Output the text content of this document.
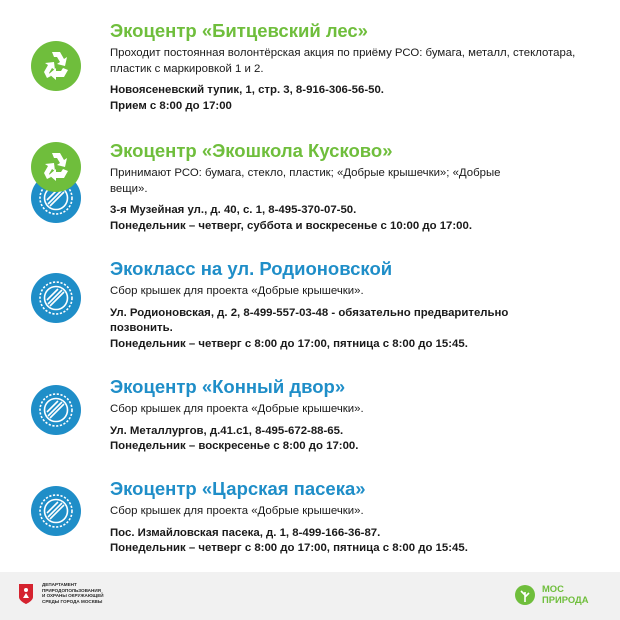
Экоцентр «Битцевский лес»
Проходит постоянная волонтёрская акция по приёму РСО: бумага, металл, стеклотара, пластик с маркировкой 1 и 2.
Новоясеневский тупик, 1, стр. 3, 8-916-306-56-50.
Прием с 8:00 до 17:00
Экоцентр «Экошкола Кусково»
Принимают РСО: бумага, стекло, пластик; «Добрые крышечки»; «Добрые вещи».
3-я Музейная ул., д. 40, с. 1, 8-495-370-07-50.
Понедельник – четверг, суббота и воскресенье с 10:00 до 17:00.
Экокласс на ул. Родионовской
Сбор крышек для проекта «Добрые крышечки».
Ул. Родионовская, д. 2, 8-499-557-03-48 - обязательно предварительно позвонить.
Понедельник – четверг с 8:00 до 17:00, пятница с 8:00 до 15:45.
Экоцентр «Конный двор»
Сбор крышек для проекта «Добрые крышечки».
Ул. Металлургов, д.41.с1, 8-495-672-88-65.
Понедельник – воскресенье с 8:00 до 17:00.
Экоцентр «Царская пасека»
Сбор крышек для проекта «Добрые крышечки».
Пос. Измайловская пасека, д. 1, 8-499-166-36-87.
Понедельник – четверг с 8:00 до 17:00, пятница с 8:00 до 15:45.
ДЕПАРТАМЕНТ
ПРИРОДОПОЛЬЗОВАНИЯ
И ОХРАНЫ ОКРУЖАЮЩЕЙ
СРЕДЫ ГОРОДА МОСКВЫ
МОС
ПРИРОДА
